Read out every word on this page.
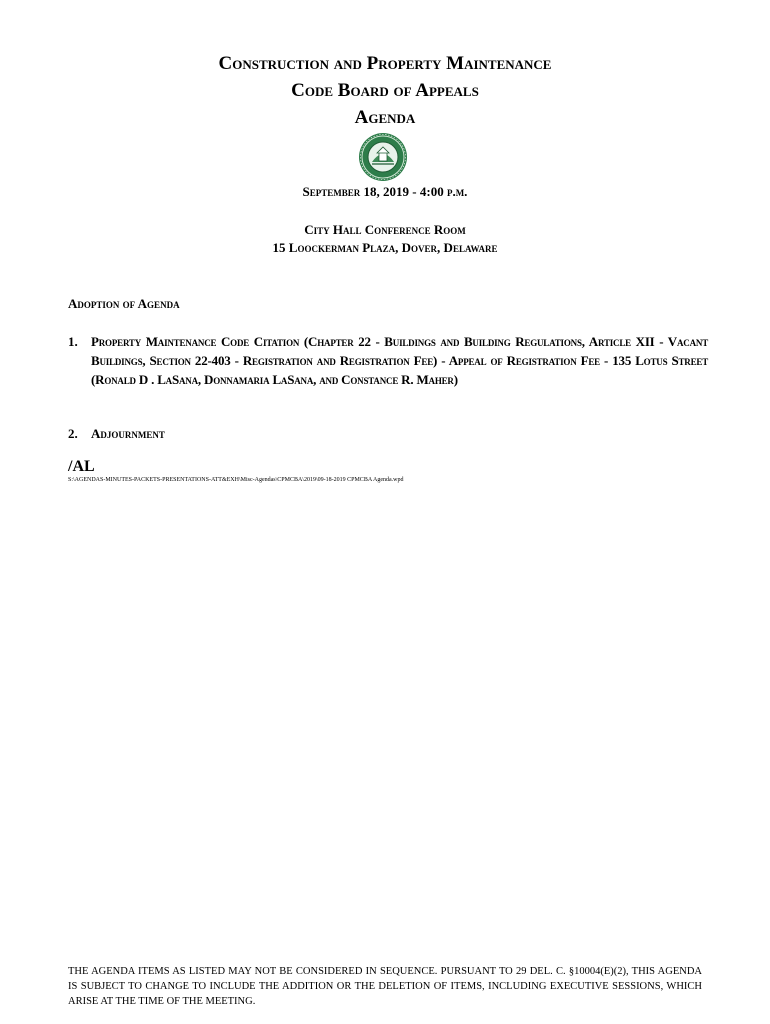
Construction and Property Maintenance
Code Board of Appeals
Agenda
September 18, 2019 - 4:00 p.m.
City Hall Conference Room
15 Loockerman Plaza, Dover, Delaware
Adoption of Agenda
1. Property Maintenance Code Citation (Chapter 22 - Buildings and Building Regulations, Article XII - Vacant Buildings, Section 22-403 - Registration and Registration Fee) - Appeal of Registration Fee - 135 Lotus Street (Ronald D . LaSana, Donnamaria LaSana, and Constance R. Maher)
2. Adjournment
/AL
S:\AGENDAS-MINUTES-PACKETS-PRESENTATIONS-ATT&EXH\Misc-Agendas\CPMCBA\2019\09-18-2019 CPMCBA Agenda.wpd
THE AGENDA ITEMS AS LISTED MAY NOT BE CONSIDERED IN SEQUENCE. PURSUANT TO 29 DEL. C. §10004(E)(2), THIS AGENDA IS SUBJECT TO CHANGE TO INCLUDE THE ADDITION OR THE DELETION OF ITEMS, INCLUDING EXECUTIVE SESSIONS, WHICH ARISE AT THE TIME OF THE MEETING.
